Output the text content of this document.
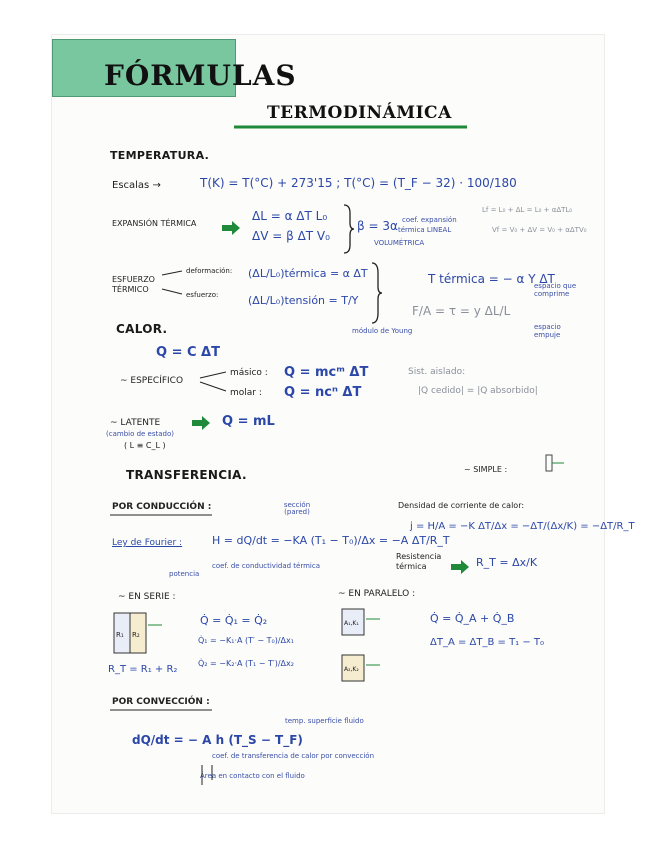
FÓRMULAS
TERMODINÁMICA
TEMPERATURA.
Escalas →	T(K) = T(°C) + 273'15 ; T(°C) = (T_F − 32) · 100/180
EXPANSIÓN TÉRMICA
ΔL = α ΔT L₀
ΔV = β ΔT V₀
β = 3α coef. expansión
térmica LINEAL
VOLUMÉTRICA
Lf = L₀ + ΔL = L₀ + αΔTL₀
Vf = V₀ + ΔV = V₀ + αΔTV₀
ESFUERZO TÉRMICO
deformación:
esfuerzo:
(ΔL/L₀)térmica = α ΔT
(ΔL/L₀)tensión = T/Y
T térmica = − α Y ΔT
F/A = τ = y ΔL/L
espacio que comprime
espacio empuje
módulo de Young
CALOR.
Q = C ΔT
~ ESPECÍFICO
másico : Q = mcᵐ ΔT
molar : Q = ncⁿ ΔT
Sist. aislado:
|Q cedido| = |Q absorbido|
~ LATENTE
(cambio de estado)
( L ≡ C_L )
Q = mL
TRANSFERENCIA.	~ SIMPLE :
POR CONDUCCIÓN :
Ley de Fourier :	H = dQ/dt = −KA (T₁ − T₀)/Δx = −A ΔT/R_T
sección (pared)
potencia
coef. de conductividad térmica
Densidad de corriente de calor:
j = H/A = −K ΔT/Δx = −ΔT/(Δx/K) = −ΔT/R_T
Resistencia térmica	R_T = Δx/K
~ EN SERIE :
Q̇ = Q̇₁ = Q̇₂
Q̇₁ = −K₁·A (T′ − T₀)/Δx₁
Q̇₂ = −K₂·A (T₁ − T′)/Δx₂
R_T = R₁ + R₂
~ EN PARALELO :
Q̇ = Q̇_A + Q̇_B
ΔT_A = ΔT_B = T₁ − T₀
POR CONVECCIÓN :
dQ/dt = − A h (T_S − T_F)
temp. superficie fluido
coef. de transferencia de calor por convección
Área en contacto con el fluido
R₁ R₂
A₁,K₁
A₂,K₂
